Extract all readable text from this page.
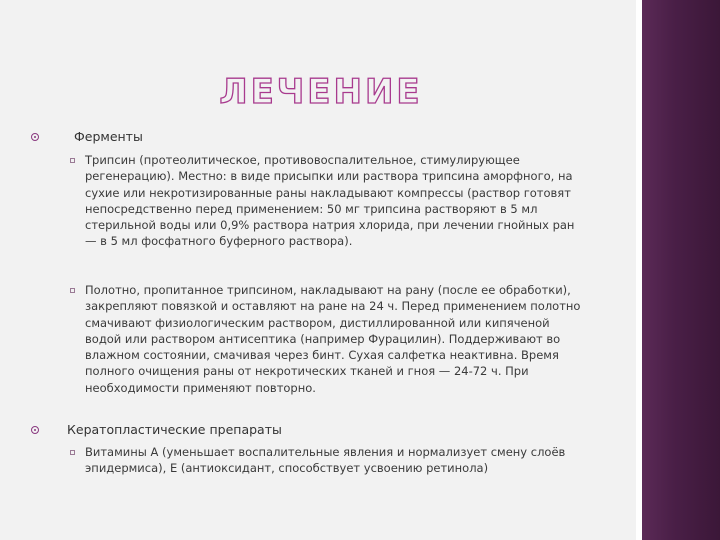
ЛЕЧЕНИЕ
Ферменты
Трипсин (протеолитическое, противовоспалительное, стимулирующее регенерацию). Местно: в виде присыпки или раствора трипсина аморфного, на сухие или некротизированные раны накладывают компрессы (раствор готовят непосредственно перед применением: 50 мг трипсина растворяют в 5 мл стерильной воды или 0,9% раствора натрия хлорида, при лечении гнойных ран — в 5 мл фосфатного буферного раствора).
Полотно, пропитанное трипсином, накладывают на рану (после ее обработки), закрепляют повязкой и оставляют на ране на 24 ч. Перед применением полотно смачивают физиологическим раствором, дистиллированной или кипяченой водой или раствором антисептика (например Фурацилин). Поддерживают во влажном состоянии, смачивая через бинт. Сухая салфетка неактивна. Время полного очищения раны от некротических тканей и гноя — 24-72 ч. При необходимости применяют повторно.
Кератопластические препараты
Витамины А (уменьшает воспалительные явления и нормализует смену слоёв эпидермиса), Е (антиоксидант, способствует усвоению ретинола)
